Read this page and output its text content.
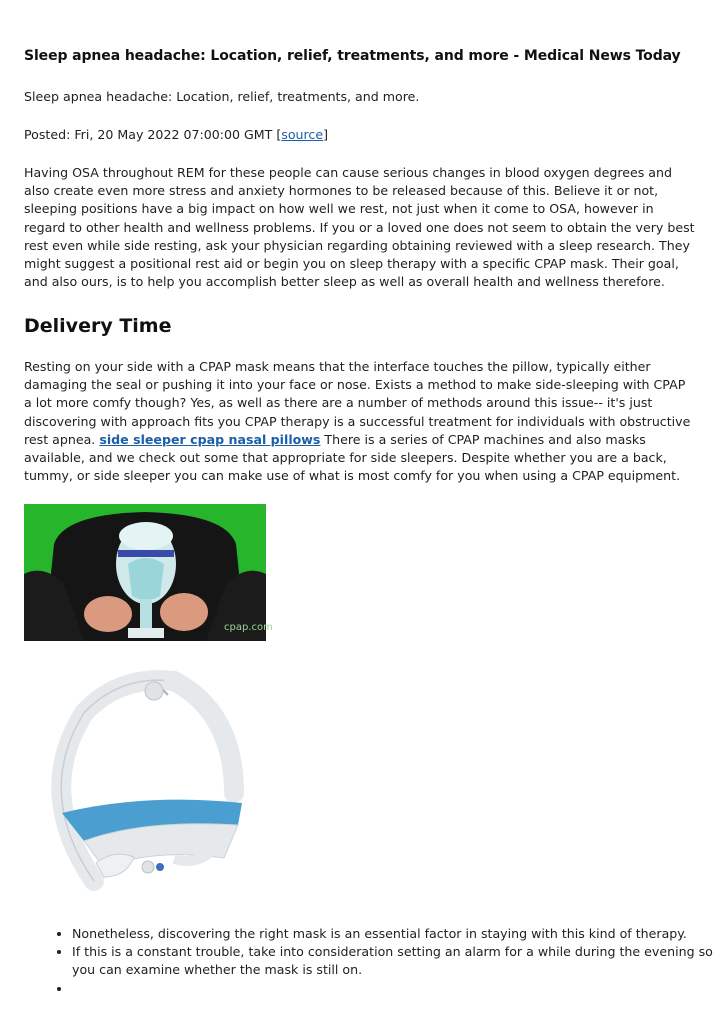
Sleep apnea headache: Location, relief, treatments, and more - Medical News Today

Sleep apnea headache: Location, relief, treatments, and more.

Posted: Fri, 20 May 2022 07:00:00 GMT [source]

Having OSA throughout REM for these people can cause serious changes in blood oxygen degrees and also create even more stress and anxiety hormones to be released because of this. Believe it or not, sleeping positions have a big impact on how well we rest, not just when it come to OSA, however in regard to other health and wellness problems. If you or a loved one does not seem to obtain the very best rest even while side resting, ask your physician regarding obtaining reviewed with a sleep research. They might suggest a positional rest aid or begin you on sleep therapy with a specific CPAP mask. Their goal, and also ours, is to help you accomplish better sleep as well as overall health and wellness therefore.

Delivery Time

Resting on your side with a CPAP mask means that the interface touches the pillow, typically either damaging the seal or pushing it into your face or nose. Exists a method to make side-sleeping with CPAP a lot more comfy though? Yes, as well as there are a number of methods around this issue-- it's just discovering with approach fits you CPAP therapy is a successful treatment for individuals with obstructive rest apnea. side sleeper cpap nasal pillows There is a series of CPAP machines and also masks available, and we check out some that appropriate for side sleepers. Despite whether you are a back, tummy, or side sleeper you can make use of what is most comfy for you when using a CPAP equipment.

cpap.com
• Nonetheless, discovering the right mask is an essential factor in staying with this kind of therapy.
• If this is a constant trouble, take into consideration setting an alarm for a while during the evening so you can examine whether the mask is still on.
•
